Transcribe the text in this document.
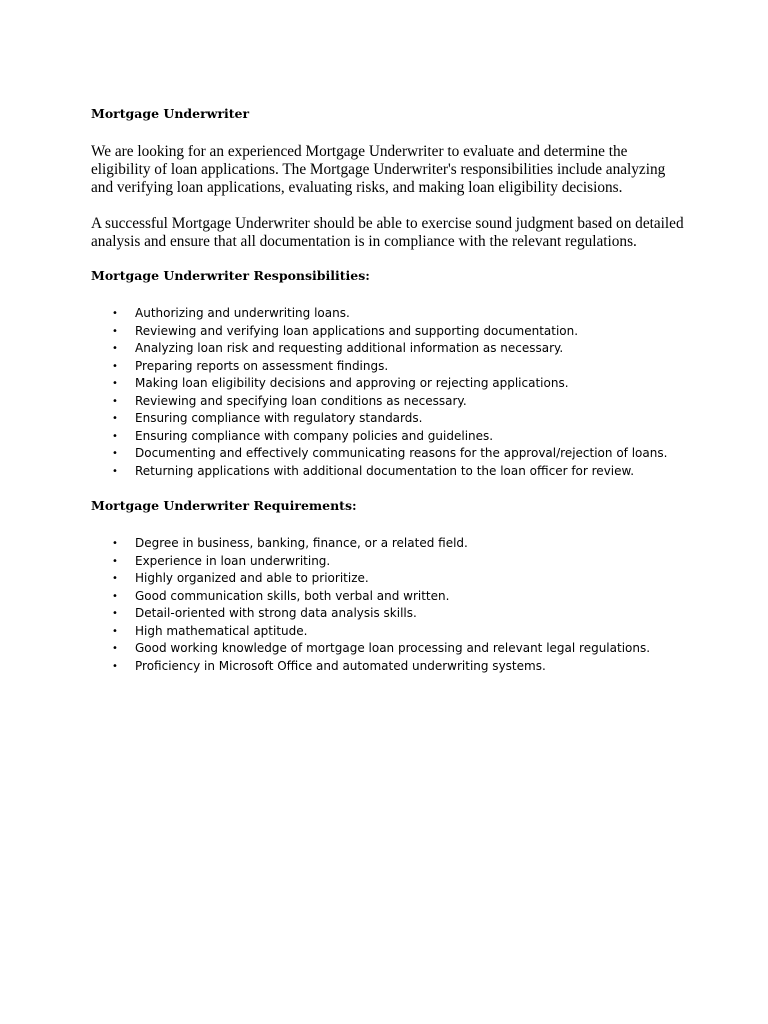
Mortgage Underwriter

We are looking for an experienced Mortgage Underwriter to evaluate and determine the
eligibility of loan applications. The Mortgage Underwriter's responsibilities include analyzing
and verifying loan applications, evaluating risks, and making loan eligibility decisions.

A successful Mortgage Underwriter should be able to exercise sound judgment based on detailed
analysis and ensure that all documentation is in compliance with the relevant regulations.

Mortgage Underwriter Responsibilities:
• Authorizing and underwriting loans.
• Reviewing and verifying loan applications and supporting documentation.
• Analyzing loan risk and requesting additional information as necessary.
• Preparing reports on assessment findings.
• Making loan eligibility decisions and approving or rejecting applications.
• Reviewing and specifying loan conditions as necessary.
• Ensuring compliance with regulatory standards.
• Ensuring compliance with company policies and guidelines.
• Documenting and effectively communicating reasons for the approval/rejection of loans.
• Returning applications with additional documentation to the loan officer for review.
Mortgage Underwriter Requirements:
• Degree in business, banking, finance, or a related field.
• Experience in loan underwriting.
• Highly organized and able to prioritize.
• Good communication skills, both verbal and written.
• Detail-oriented with strong data analysis skills.
• High mathematical aptitude.
• Good working knowledge of mortgage loan processing and relevant legal regulations.
• Proficiency in Microsoft Office and automated underwriting systems.
